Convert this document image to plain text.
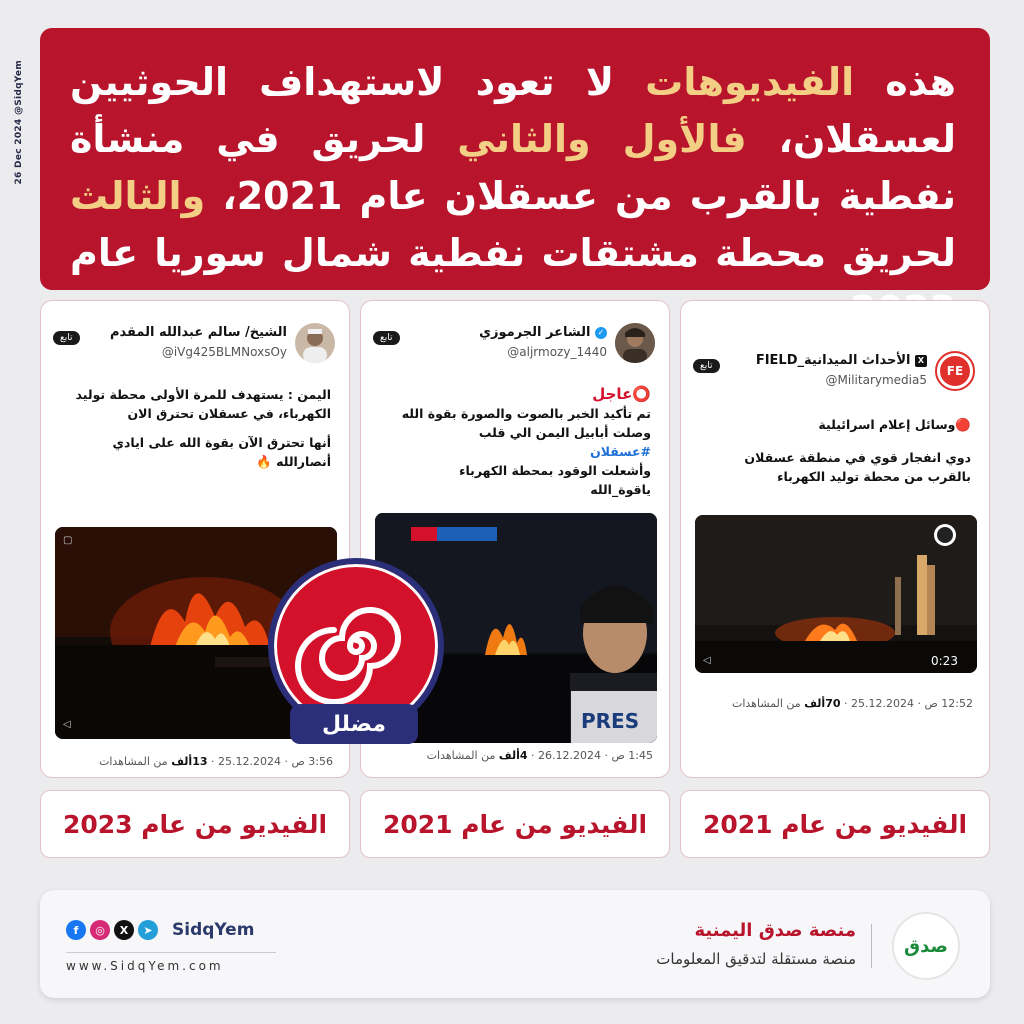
26 Dec 2024 @SidqYem	هذه الفيديوهات لا تعود لاستهداف الحوثيين لعسقلان، فالأول والثاني لحريق في منشأة نفطية بالقرب من عسقلان عام 2021، والثالث لحريق محطة مشتقات نفطية شمال سوريا عام
الشيخ/ سالم عبدالله المقدم
@iVg425BLMNoxsOy
تابع

اليمن : يستهدف للمرة الأولى محطة توليد الكهرباء، في عسقلان تحترق الان

أنها تحترق الآن بقوة الله على ايادي أنصارالله 🔥

▢
◁
3:56 ص · 25.12.2024 · 13ألف من المشاهدات
✓ الشاعر الجرموزي
@aljrmozy_1440
تابع
⭕عاجل
تم تأكيد الخبر بالصوت والصورة بقوة الله وصلت أبابيل اليمن الي قلب
#عسقلان
وأشعلت الوقود بمحطة الكهرباء
ياقوة_الله
PRES
1:45 ص · 26.12.2024 · 4ألف من المشاهدات
FE
X الأحداث الميدانية_FIELD
@Militarymedia5
تابع

🔴وسائل إعلام اسرائيلية

دوي انفجار قوي في منطقة عسقلان بالقرب من محطة توليد الكهرباء

◁	0:23
12:52 ص · 25.12.2024 · 70ألف من المشاهدات
مضلل
الفيديو من عام 2023	الفيديو من عام 2021	الفيديو من عام 2021
صدق
منصة صدق اليمنية
منصة مستقلة لتدقيق المعلومات
f	◎	X	➤	SidqYem
www.SidqYem.com
